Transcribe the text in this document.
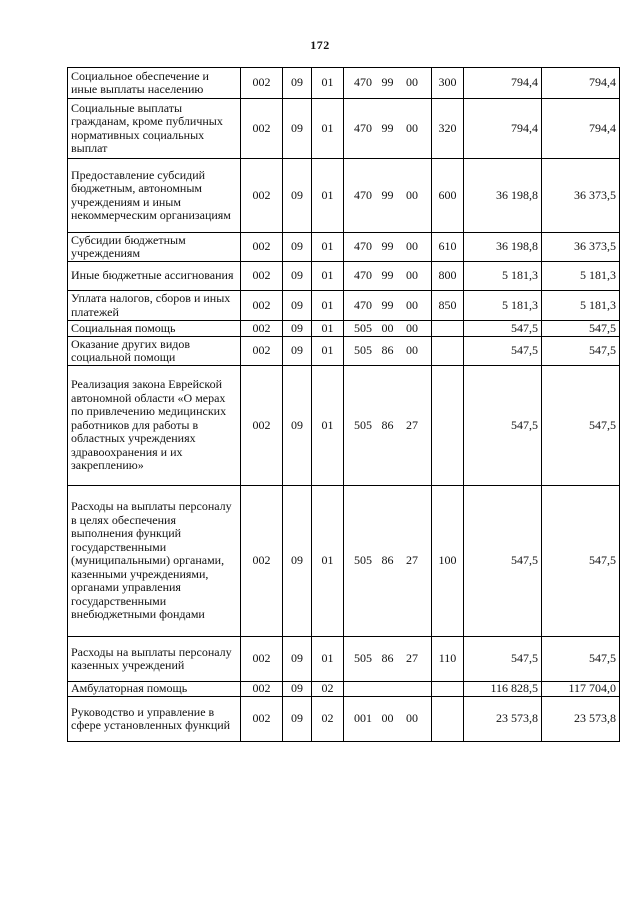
172
Социальное обеспечение и иные выплаты населению	002	09	01	470 99 00	300	794,4	794,4
Социальные выплаты гражданам, кроме публичных нормативных социальных выплат	002	09	01	470 99 00	320	794,4	794,4
Предоставление субсидий бюджетным, автономным учреждениям и иным некоммерческим организациям	002	09	01	470 99 00	600	36 198,8	36 373,5
Субсидии бюджетным учреждениям	002	09	01	470 99 00	610	36 198,8	36 373,5
Иные бюджетные ассигнования	002	09	01	470 99 00	800	5 181,3	5 181,3
Уплата налогов, сборов и иных платежей	002	09	01	470 99 00	850	5 181,3	5 181,3
Социальная помощь	002	09	01	505 00 00		547,5	547,5
Оказание других видов социальной помощи	002	09	01	505 86 00		547,5	547,5
Реализация закона Еврейской автономной области «О мерах по привлечению медицинских работников для работы в областных учреждениях здравоохранения и их закреплению»	002	09	01	505 86 27		547,5	547,5
Расходы на выплаты персоналу в целях обеспечения выполнения функций государственными (муниципальными) органами, казенными учреждениями, органами управления государственными внебюджетными фондами	002	09	01	505 86 27	100	547,5	547,5
Расходы на выплаты персоналу казенных учреждений	002	09	01	505 86 27	110	547,5	547,5
Амбулаторная помощь	002	09	02			116 828,5	117 704,0
Руководство и управление в сфере установленных функций	002	09	02	001 00 00		23 573,8	23 573,8
